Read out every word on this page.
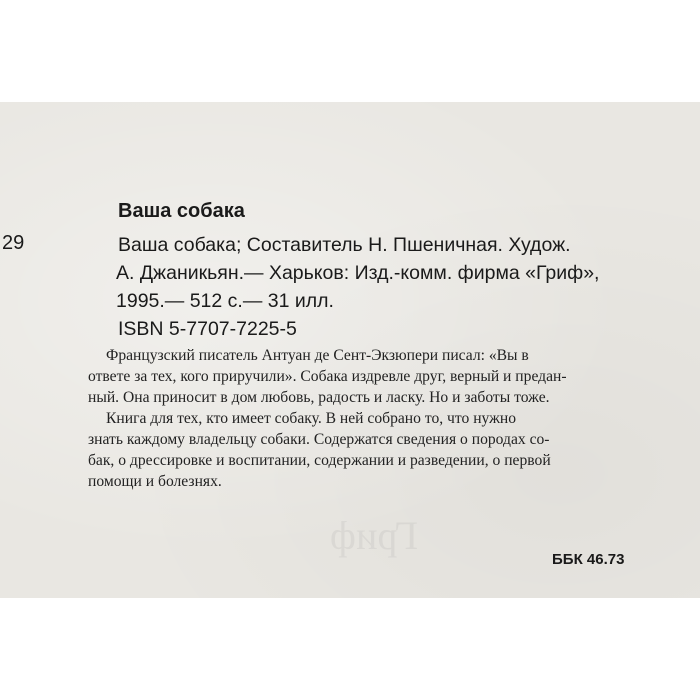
Гриф
29
Ваша собака
Ваша собака; Составитель Н. Пшеничная. Худож.
А. Джаникьян.— Харьков: Изд.-комм. фирма «Гриф»,
1995.— 512 с.— 31 илл.
ISBN 5-7707-7225-5
Французский писатель Антуан де Сент-Экзюпери писал: «Вы в
ответе за тех, кого приручили». Собака издревле друг, верный и предан-
ный. Она приносит в дом любовь, радость и ласку. Но и заботы тоже.
Книга для тех, кто имеет собаку. В ней собрано то, что нужно
знать каждому владельцу собаки. Содержатся сведения о породах со-
бак, о дрессировке и воспитании, содержании и разведении, о первой
помощи и болезнях.
ББК 46.73
